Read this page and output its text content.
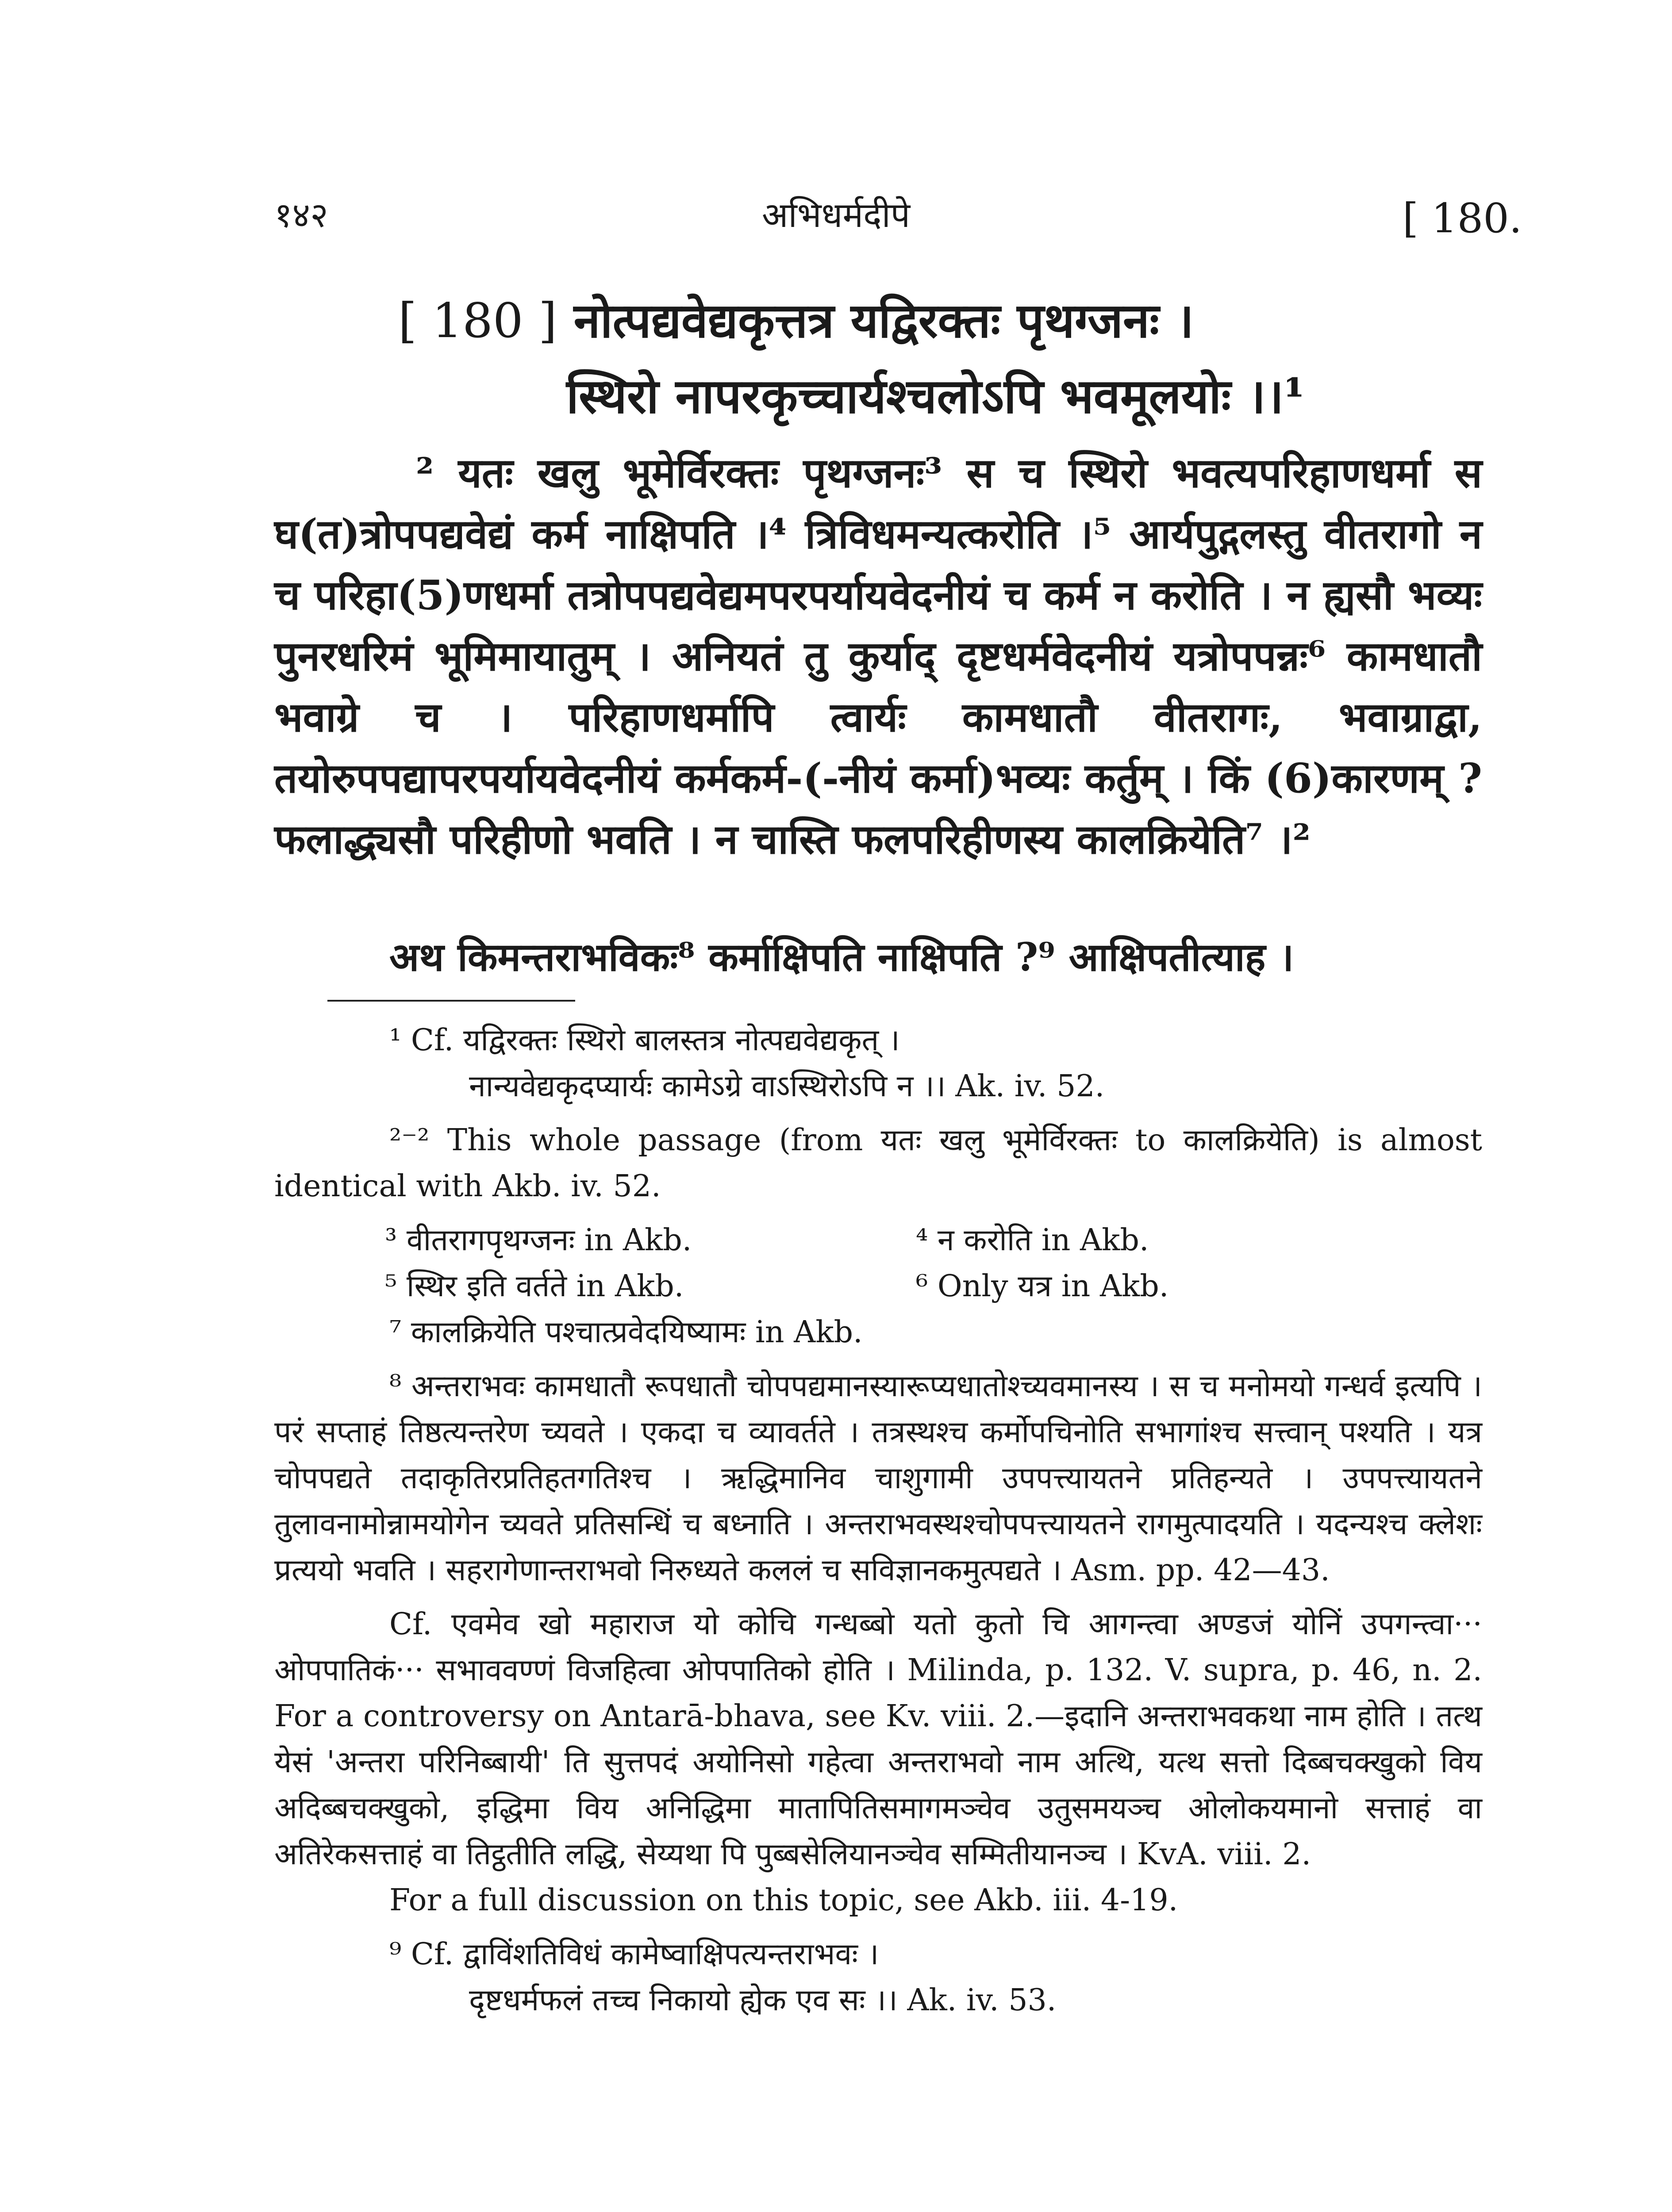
१४२	अभिधर्मदीपे	[ 180.
[ 180 ] नोत्पद्यवेद्यकृत्तत्र यद्विरक्तः पृथग्जनः ।
स्थिरो नापरकृच्चार्यश्चलोऽपि भवमूलयोः ।।¹

² यतः खलु भूमेर्विरक्तः पृथग्जनः³ स च स्थिरो भवत्यपरिहाणधर्मा स घ(त)त्रोपपद्यवेद्यं कर्म नाक्षिपति ।⁴ त्रिविधमन्यत्करोति ।⁵ आर्यपुद्गलस्तु वीतरागो न च परिहा(5)णधर्मा तत्रोपपद्यवेद्यमपरपर्यायवेदनीयं च कर्म न करोति । न ह्यसौ भव्यः पुनरधरिमं भूमिमायातुम् । अनियतं तु कुर्याद् दृष्टधर्मवेदनीयं यत्रोपपन्नः⁶ कामधातौ भवाग्रे च । परिहाणधर्मापि त्वार्यः कामधातौ वीतरागः, भवाग्राद्वा, तयोरुपपद्यापरपर्यायवेदनीयं कर्मकर्म-(-नीयं कर्मा)भव्यः कर्तुम् । किं (6)कारणम् ? फलाद्ध्यसौ परिहीणो भवति । न चास्ति फलपरिहीणस्य कालक्रियेति⁷ ।²

अथ किमन्तराभविकः⁸ कर्माक्षिपति नाक्षिपति ?⁹ आक्षिपतीत्याह ।
¹ Cf. यद्विरक्तः स्थिरो बालस्तत्र नोत्पद्यवेद्यकृत् ।
नान्यवेद्यकृदप्यार्यः कामेऽग्रे वाऽस्थिरोऽपि न ।। Ak. iv. 52.
²⁻² This whole passage (from यतः खलु भूमेर्विरक्तः to कालक्रियेति) is almost identical with Akb. iv. 52.
³ वीतरागपृथग्जनः in Akb.	⁴ न करोति in Akb.
⁵ स्थिर इति वर्तते in Akb.	⁶ Only यत्र in Akb.
⁷ कालक्रियेति पश्चात्प्रवेदयिष्यामः in Akb.
⁸ अन्तराभवः कामधातौ रूपधातौ चोपपद्यमानस्यारूप्यधातोश्च्यवमानस्य । स च मनोमयो गन्धर्व इत्यपि । परं सप्ताहं तिष्ठत्यन्तरेण च्यवते । एकदा च व्यावर्तते । तत्रस्थश्च कर्मोपचिनोति सभागांश्च सत्त्वान् पश्यति । यत्र चोपपद्यते तदाकृतिरप्रतिहतगतिश्च । ऋद्धिमानिव चाशुगामी उपपत्त्यायतने प्रतिहन्यते । उपपत्त्यायतने तुलावनामोन्नामयोगेन च्यवते प्रतिसन्धिं च बध्नाति । अन्तराभवस्थश्चोपपत्त्यायतने रागमुत्पादयति । यदन्यश्च क्लेशः प्रत्ययो भवति । सहरागेणान्तराभवो निरुध्यते कललं च सविज्ञानकमुत्पद्यते । Asm. pp. 42—43.
Cf. एवमेव खो महाराज यो कोचि गन्धब्बो यतो कुतो चि आगन्त्वा अण्डजं योनिं उपगन्त्वा··· ओपपातिकं··· सभाववण्णं विजहित्वा ओपपातिको होति । Milinda, p. 132. V. supra, p. 46, n. 2. For a controversy on Antarā-bhava, see Kv. viii. 2.—इदानि अन्तराभवकथा नाम होति । तत्थ येसं 'अन्तरा परिनिब्बायी' ति सुत्तपदं अयोनिसो गहेत्वा अन्तराभवो नाम अत्थि, यत्थ सत्तो दिब्बचक्खुको विय अदिब्बचक्खुको, इद्धिमा विय अनिद्धिमा मातापितिसमागमञ्चेव उतुसमयञ्च ओलोकयमानो सत्ताहं वा अतिरेकसत्ताहं वा तिट्ठतीति लद्धि, सेय्यथा पि पुब्बसेलियानञ्चेव सम्मितीयानञ्च । KvA. viii. 2.
For a full discussion on this topic, see Akb. iii. 4-19.
⁹ Cf. द्वाविंशतिविधं कामेष्वाक्षिपत्यन्तराभवः ।
दृष्टधर्मफलं तच्च निकायो ह्येक एव सः ।। Ak. iv. 53.
